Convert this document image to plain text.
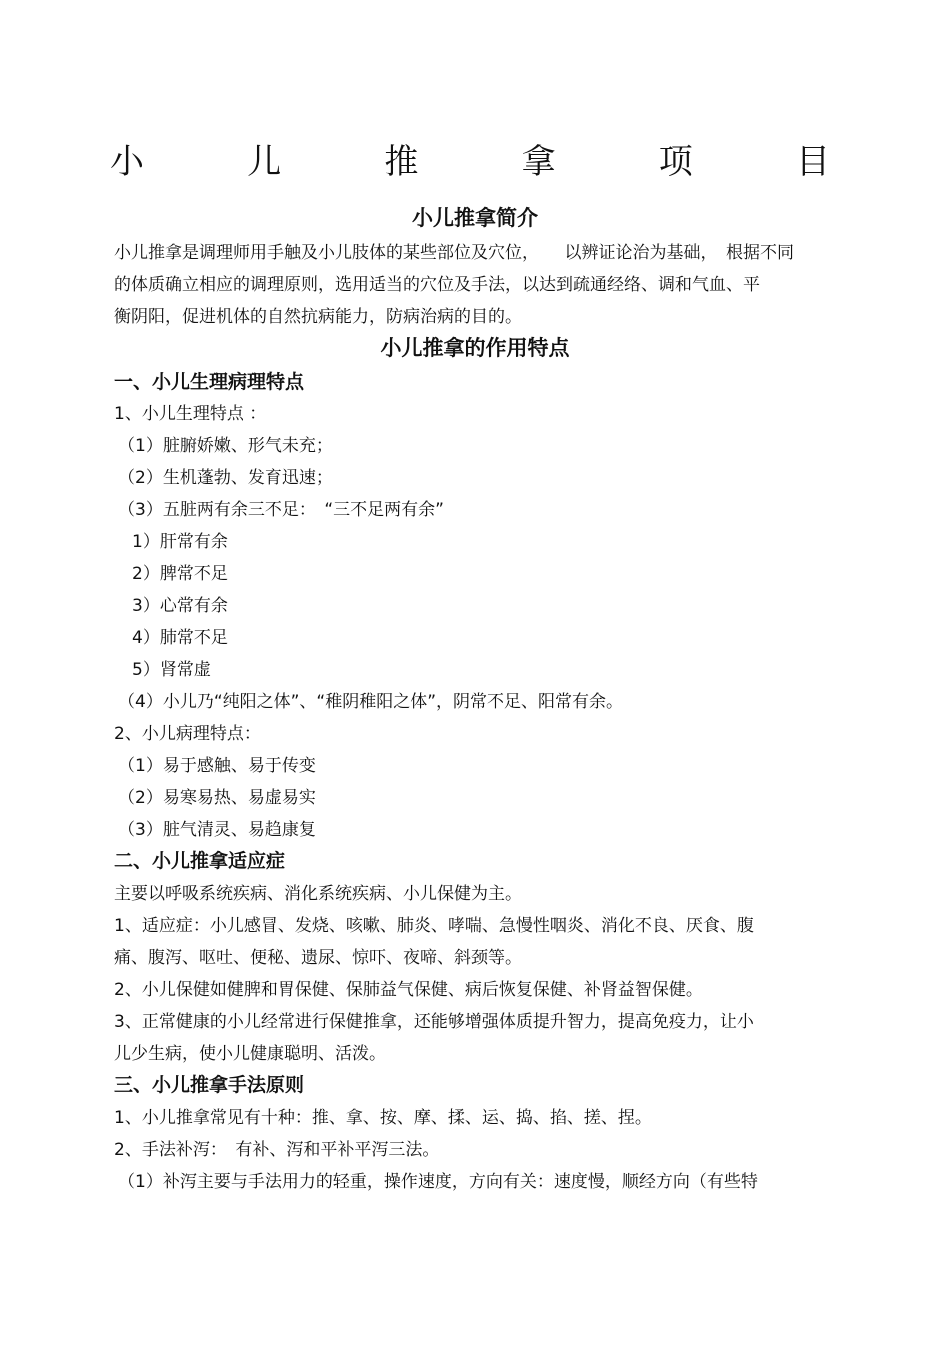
小	儿	推	拿	项	目
小儿推拿简介

小儿推拿是调理师用手触及小儿肢体的某些部位及穴位，　　以辨证论治为基础，　根据不同

的体质确立相应的调理原则，选用适当的穴位及手法，以达到疏通经络、调和气血、平

衡阴阳，促进机体的自然抗病能力，防病治病的目的。

小儿推拿的作用特点
一、小儿生理病理特点

1、小儿生理特点 ：

（1）脏腑娇嫩、形气未充；

（2）生机蓬勃、发育迅速；

（3）五脏两有余三不足：　“三不足两有余”

1）肝常有余

2）脾常不足

3）心常有余

4）肺常不足

5）肾常虚

（4）小儿乃“纯阳之体”、“稚阴稚阳之体”，阴常不足、阳常有余。

2、小儿病理特点：

（1）易于感触、易于传变

（2）易寒易热、易虚易实

（3）脏气清灵、易趋康复

二、小儿推拿适应症

主要以呼吸系统疾病、消化系统疾病、小儿保健为主。

1、适应症：小儿感冒、发烧、咳嗽、肺炎、哮喘、急慢性咽炎、消化不良、厌食、腹

痛、腹泻、呕吐、便秘、遗尿、惊吓、夜啼、斜颈等。

2、小儿保健如健脾和胃保健、保肺益气保健、病后恢复保健、补肾益智保健。

3、正常健康的小儿经常进行保健推拿，还能够增强体质提升智力，提高免疫力，让小

儿少生病，使小儿健康聪明、活泼。

三、小儿推拿手法原则

1、小儿推拿常见有十种：推、拿、按、摩、揉、运、捣、掐、搓、捏。

2、手法补泻：　有补、泻和平补平泻三法。

（1）补泻主要与手法用力的轻重，操作速度，方向有关：速度慢，顺经方向（有些特
